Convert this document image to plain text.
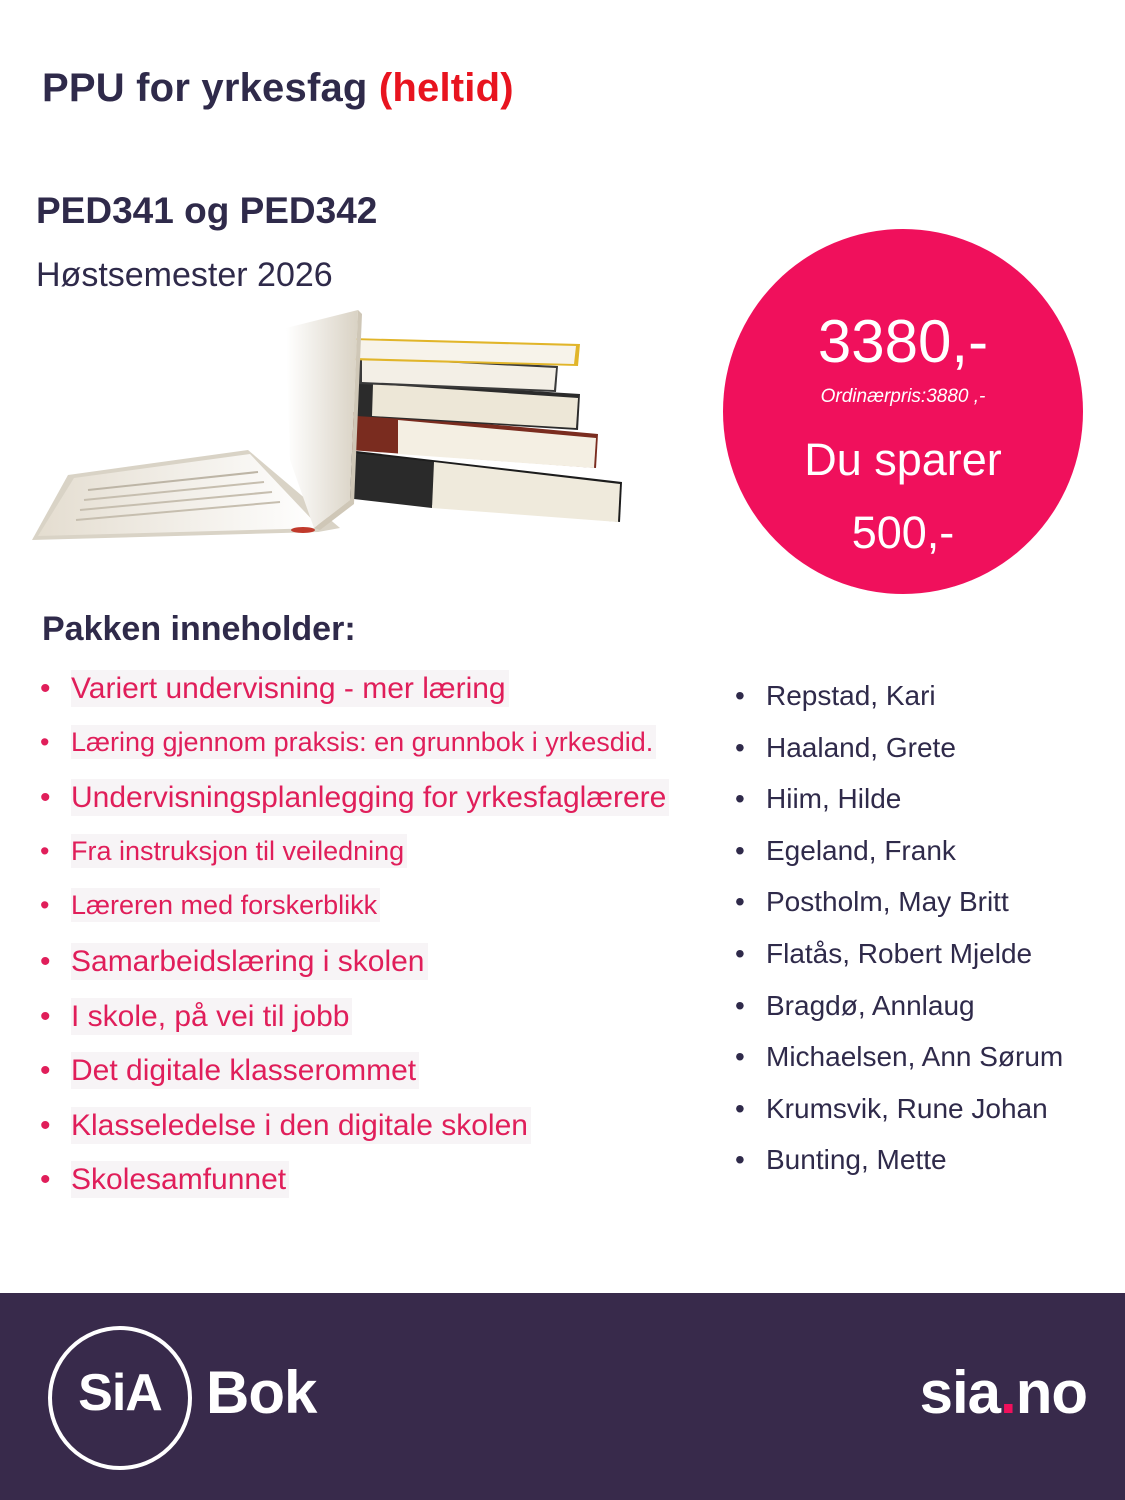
PPU for yrkesfag (heltid)
PED341 og PED342
Høstsemester 2026
3380,-
Ordinærpris:3880 ,-
Du sparer
500,-
Pakken inneholder:
• Variert undervisning - mer læring
• Læring gjennom praksis: en grunnbok i yrkesdid.
• Undervisningsplanlegging for yrkesfaglærere
• Fra instruksjon til veiledning
• Læreren med forskerblikk
• Samarbeidslæring i skolen
• I skole, på vei til jobb
• Det digitale klasserommet
• Klasseledelse i den digitale skolen
• Skolesamfunnet
• Repstad, Kari
• Haaland, Grete
• Hiim, Hilde
• Egeland, Frank
• Postholm, May Britt
• Flatås, Robert Mjelde
• Bragdø, Annlaug
• Michaelsen, Ann Sørum
• Krumsvik, Rune Johan
• Bunting, Mette
SiA Bok	sia.no
